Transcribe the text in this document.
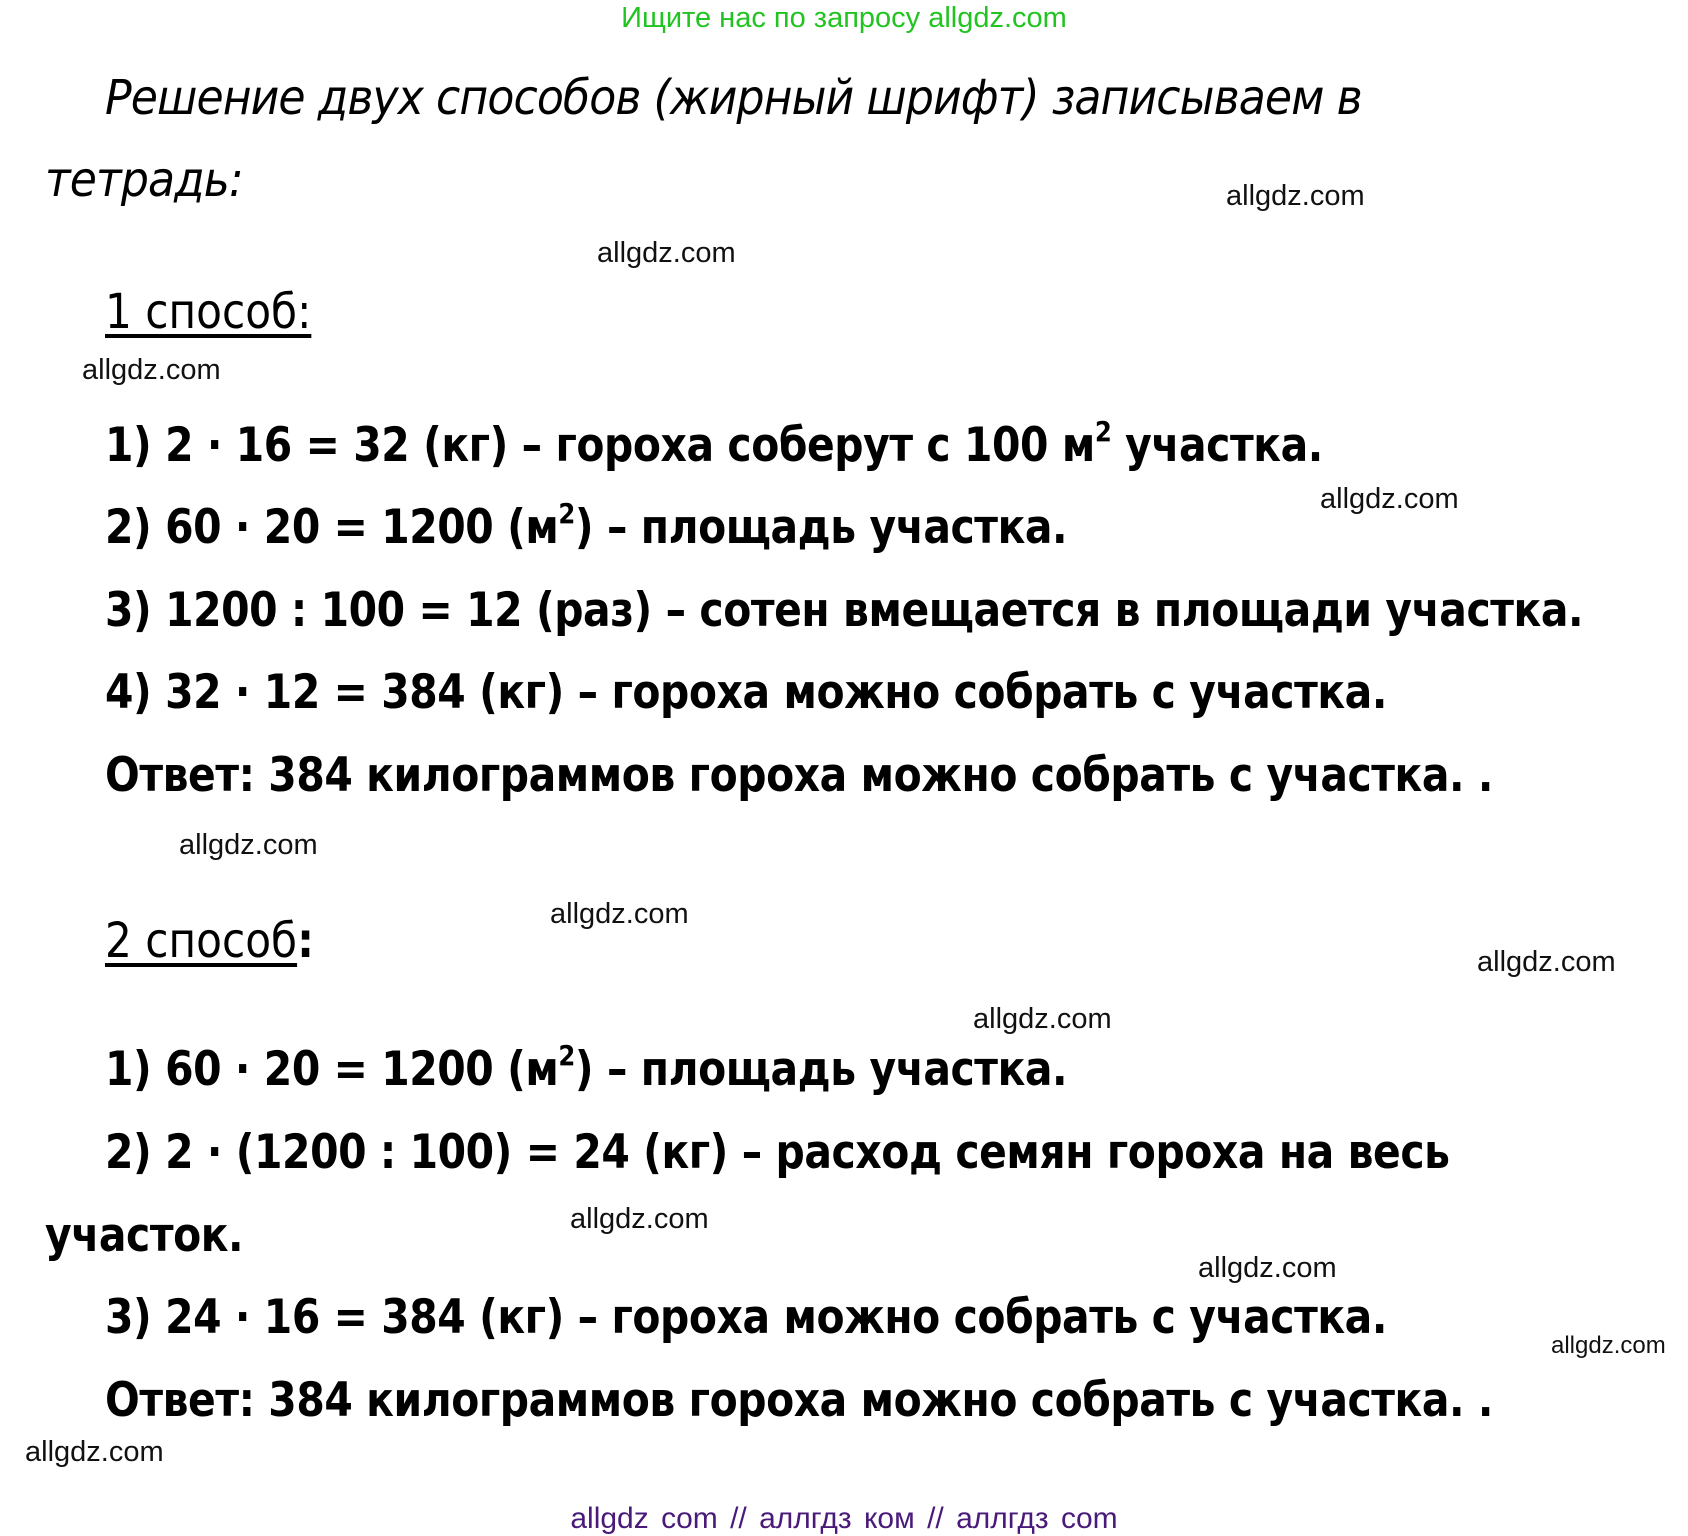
Ищите нас по запросу allgdz.com
Решение двух способов (жирный шрифт) записываем в
тетрадь:
1 способ:
1) 2 · 16 = 32 (кг) – гороха соберут с 100 $м^2$ участка.
2) 60 · 20 = 1200 $(м^2)$ – площадь участка.
3) 1200 : 100 = 12 (раз) – сотен вмещается в площади участка.
4) 32 · 12 = 384 (кг) – гороха можно собрать с участка.
Ответ: 384 килограммов гороха можно собрать с участка. .
2 способ:
1) 60 · 20 = 1200 $(м^2)$ – площадь участка.
2) 2 · (1200 : 100) = 24 (кг) – расход семян гороха на весь
участок.
3) 24 · 16 = 384 (кг) – гороха можно собрать с участка.
Ответ: 384 килограммов гороха можно собрать с участка. .
allgdz.com
allgdz.com
allgdz.com
allgdz.com
allgdz.com
allgdz.com
allgdz.com
allgdz.com
allgdz.com
allgdz.com
allgdz.com
allgdz.com
allgdz com // аллгдз ком // аллгдз com
